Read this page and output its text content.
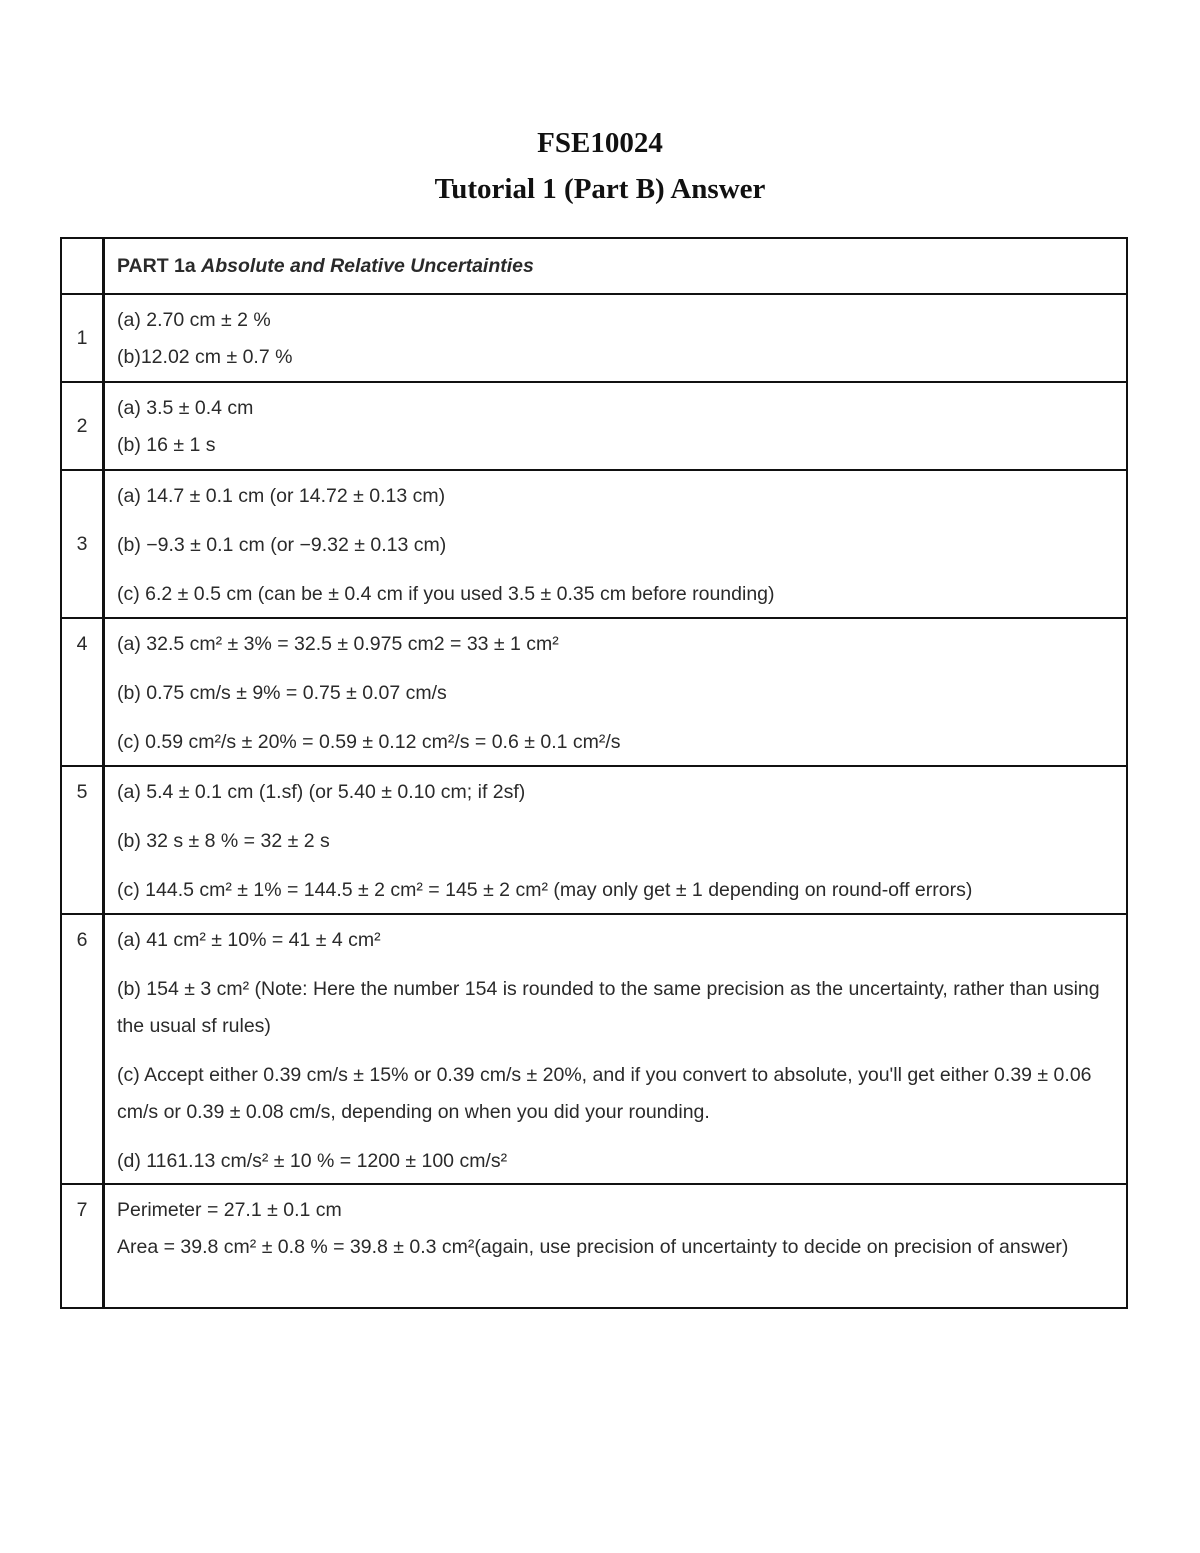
FSE10024
Tutorial 1 (Part B) Answer

	PART 1a Absolute and Relative Uncertainties

1	(a) 2.70 cm ± 2 %
(b)12.02 cm ± 0.7 %

2	(a) 3.5 ± 0.4 cm
(b) 16 ± 1 s

3	(a) 14.7 ± 0.1 cm (or 14.72 ± 0.13 cm)
(b) −9.3 ± 0.1 cm (or −9.32 ± 0.13 cm)
(c) 6.2 ± 0.5 cm (can be ± 0.4 cm if you used 3.5 ± 0.35 cm before rounding)

4	(a) 32.5 cm² ± 3% = 32.5 ± 0.975 cm2 = 33 ± 1 cm²
(b) 0.75 cm/s ± 9% = 0.75 ± 0.07 cm/s
(c) 0.59 cm²/s ± 20% = 0.59 ± 0.12 cm²/s = 0.6 ± 0.1 cm²/s

5	(a) 5.4 ± 0.1 cm (1.sf) (or 5.40 ± 0.10 cm; if 2sf)
(b) 32 s ± 8 % = 32 ± 2 s
(c) 144.5 cm² ± 1% = 144.5 ± 2 cm² = 145 ± 2 cm² (may only get ± 1 depending on round-off errors)

6	(a) 41 cm² ± 10% = 41 ± 4 cm²
(b) 154 ± 3 cm² (Note: Here the number 154 is rounded to the same precision as the uncertainty, rather than using the usual sf rules)
(c) Accept either 0.39 cm/s ± 15% or 0.39 cm/s ± 20%, and if you convert to absolute, you'll get either 0.39 ± 0.06 cm/s or 0.39 ± 0.08 cm/s, depending on when you did your rounding.
(d) 1161.13 cm/s² ± 10 % = 1200 ± 100 cm/s²

7	Perimeter = 27.1 ± 0.1 cm
Area = 39.8 cm² ± 0.8 % = 39.8 ± 0.3 cm²(again, use precision of uncertainty to decide on precision of answer)
